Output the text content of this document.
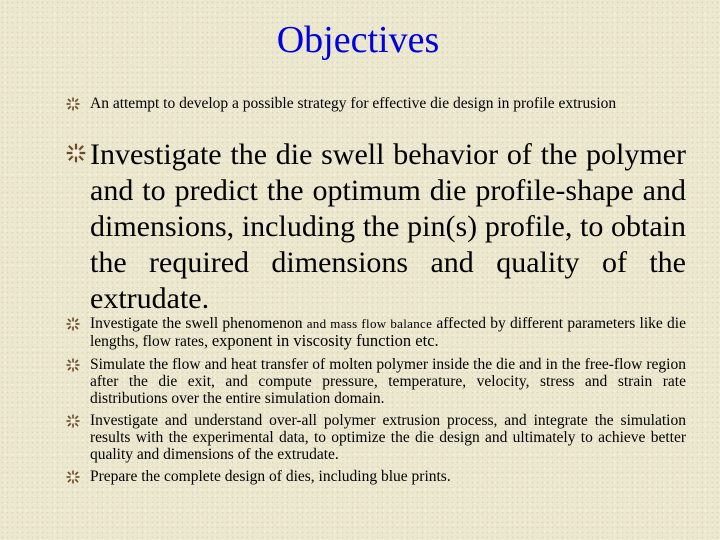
Objectives
An attempt to develop a possible strategy for effective die design in profile extrusion
Investigate the die swell behavior of the polymer and to predict the optimum die profile-shape and dimensions, including the pin(s) profile, to obtain the required dimensions and quality of the extrudate.
Investigate the swell phenomenon and mass flow balance affected by different parameters like die lengths, flow rates, exponent in viscosity function etc.
Simulate the flow and heat transfer of molten polymer inside the die and in the free-flow region after the die exit, and compute pressure, temperature, velocity, stress and strain rate distributions over the entire simulation domain.
Investigate and understand over-all polymer extrusion process, and integrate the simulation results with the experimental data, to optimize the die design and ultimately to achieve better quality and dimensions of the extrudate.
Prepare the complete design of dies, including blue prints.
